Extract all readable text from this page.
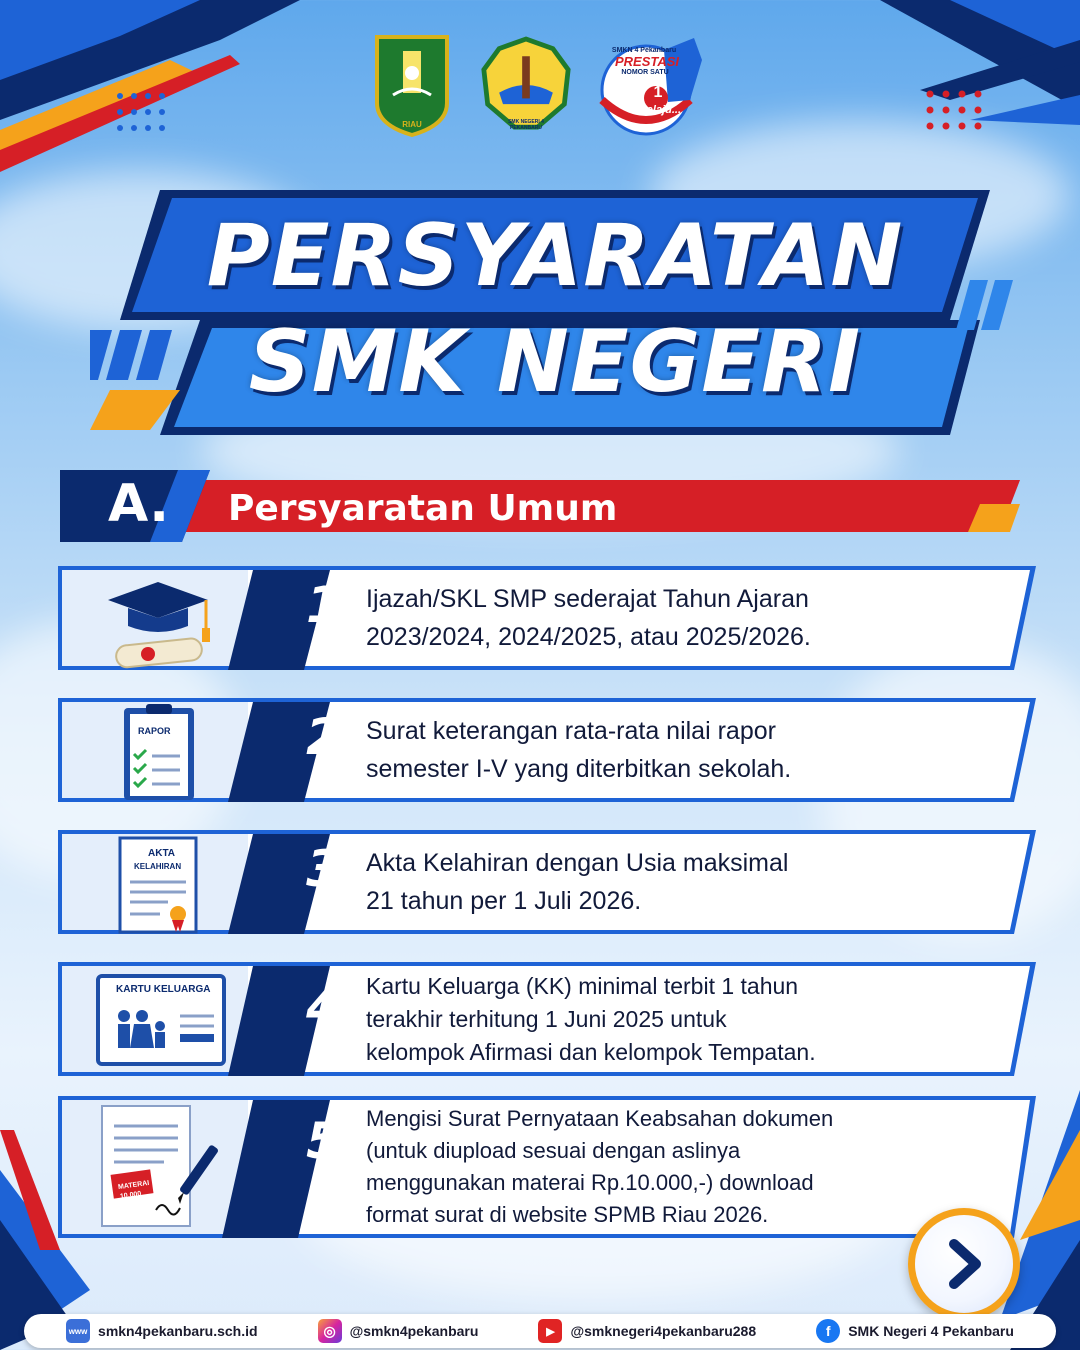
RIAU	SMK NEGERI 4 PEKANBARU
SMKN 4 Pekanbaru
PRESTASI
NOMOR SATU
1
melaju...
PERSYARATAN
SMK NEGERI
A. Persyaratan Umum
1. Ijazah/SKL SMP sederajat Tahun Ajaran
2023/2024, 2024/2025, atau 2025/2026.
RAPOR	2. Surat keterangan rata-rata nilai rapor
semester I-V yang diterbitkan sekolah.
AKTA
KELAHIRAN	3. Akta Kelahiran dengan Usia maksimal
21 tahun per 1 Juli 2026.
KARTU KELUARGA	4. Kartu Keluarga (KK) minimal terbit 1 tahun
terakhir terhitung 1 Juni 2025 untuk
kelompok Afirmasi dan kelompok Tempatan.
MATERAI
10.000
5. Mengisi Surat Pernyataan Keabsahan dokumen
(untuk diupload sesuai dengan aslinya
menggunakan materai Rp.10.000,-) download
format surat di website SPMB Riau 2026.
www smkn4pekanbaru.sch.id	◎ @smkn4pekanbaru	▶	@smknegeri4pekanbaru288	f	SMK Negeri 4 Pekanbaru
